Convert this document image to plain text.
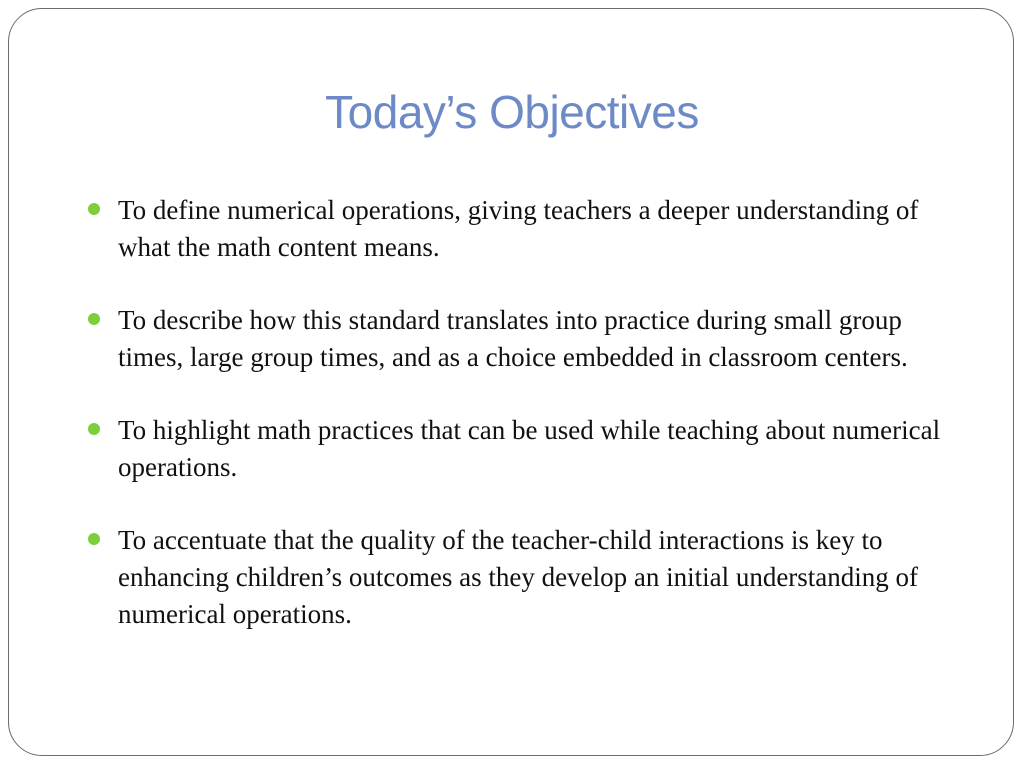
Today’s Objectives
To define numerical operations, giving teachers a deeper understanding of what the math content means.
To describe how this standard translates into practice during small group times, large group times, and as a choice embedded in classroom centers.
To highlight math practices that can be used while teaching about numerical operations.
To accentuate that the quality of the teacher-child interactions is key to enhancing children’s outcomes as they develop an initial understanding of numerical operations.
